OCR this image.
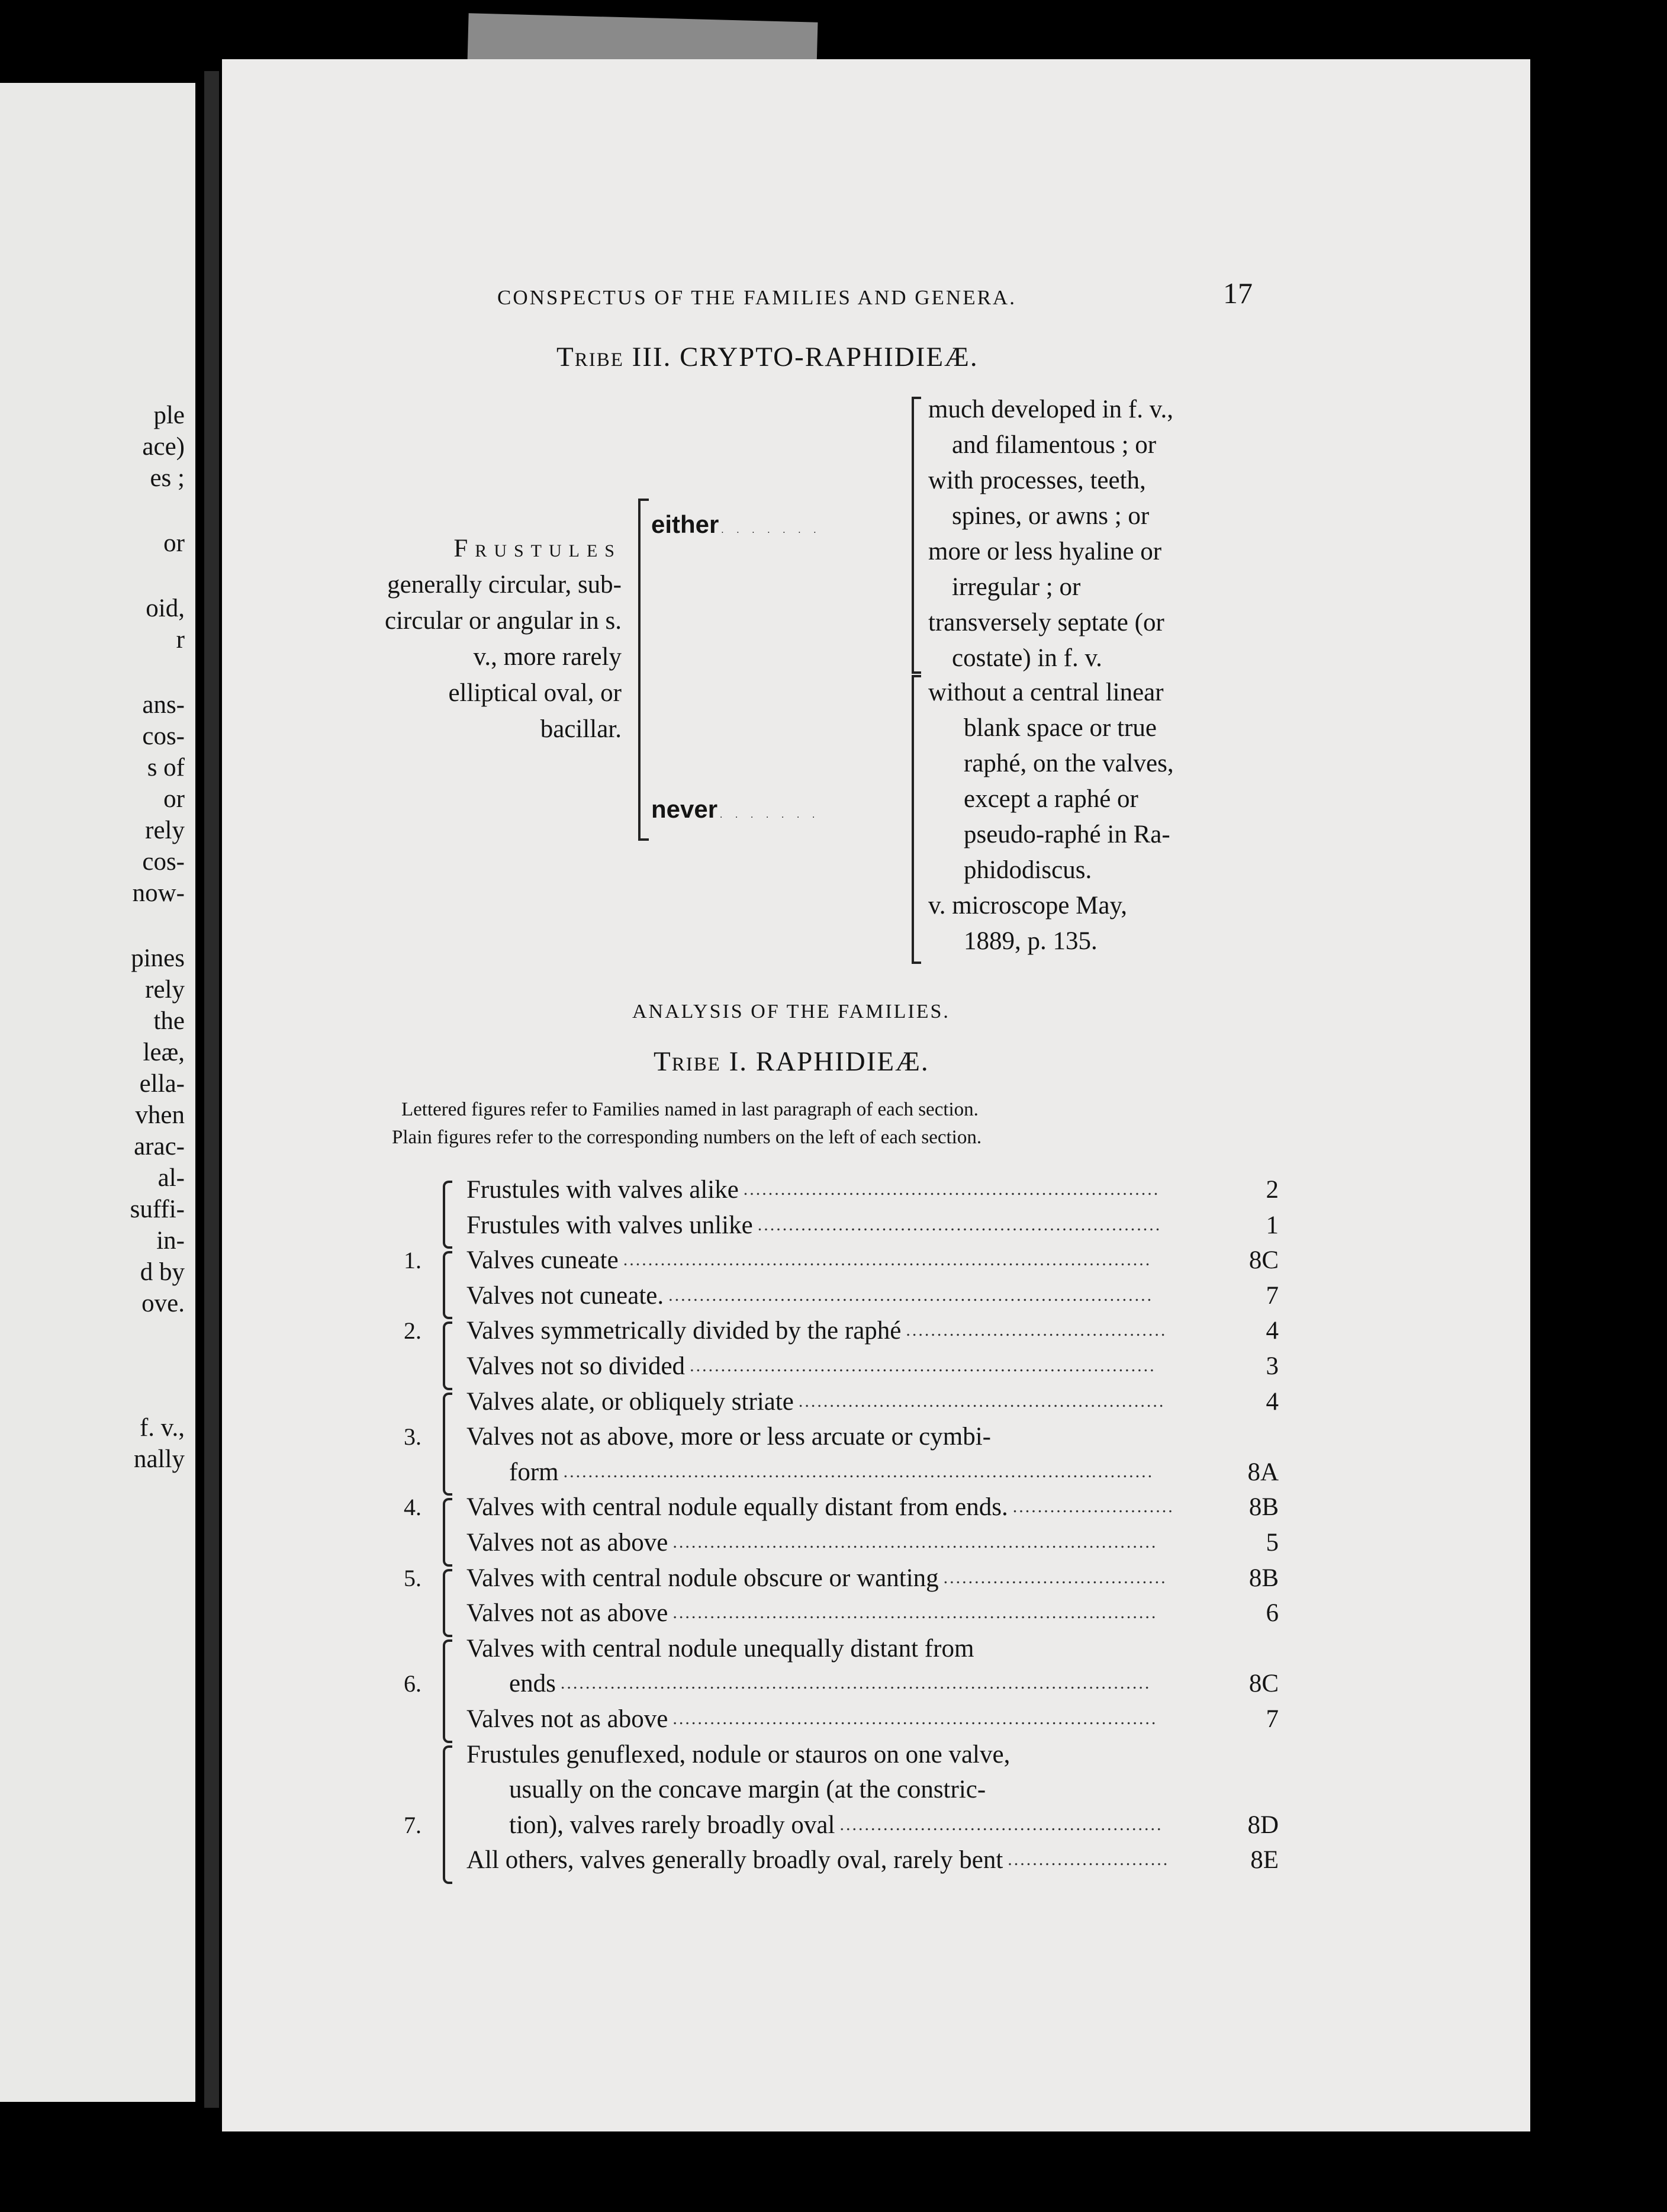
ple
ace)
es ;
or
oid,
r
ans-
cos-
s of
or
rely
cos-
now-
pines
rely
the
leæ,
ella-
vhen
arac-
al-
suffi-
in-
d by
ove.
f. v.,
nally
CONSPECTUS OF THE FAMILIES AND GENERA.	17
Tribe III. CRYPTO-RAPHIDIEÆ.
Frustules
generally circular, sub-circular or angular in s. v., more rarely elliptical oval, or bacillar.
either . . . . . . .
never . . . . . . .
much developed in f. v.,
and filamentous ; or
with processes, teeth,
spines, or awns ; or
more or less hyaline or
irregular ; or
transversely septate (or
costate) in f. v.
without a central linear
blank space or true
raphé, on the valves,
except a raphé or
pseudo-raphé in Ra-
phidodiscus.
v. microscope May,
1889, p. 135.
ANALYSIS OF THE FAMILIES.
Tribe I. RAPHIDIEÆ.
Lettered figures refer to Families named in last paragraph of each section.
Plain figures refer to the corresponding numbers on the left of each section.
Frustules with valves alike ...................................................................	2
Frustules with valves unlike .................................................................	1
1. Valves cuneate .....................................................................................	8C
Valves not cuneate. ..............................................................................	7
2. Valves symmetrically divided by the raphé ..........................................	4
Valves not so divided ...........................................................................	3
Valves alate, or obliquely striate ...........................................................	4
3. Valves not as above, more or less arcuate or cymbi-
form ...............................................................................................	8A
4. Valves with central nodule equally distant from ends. ..........................	8B
Valves not as above ..............................................................................	5
5. Valves with central nodule obscure or wanting ....................................	8B
Valves not as above ..............................................................................	6
Valves with central nodule unequally distant from
6.	ends ...............................................................................................	8C
Valves not as above ..............................................................................	7
Frustules genuflexed, nodule or stauros on one valve,
usually on the concave margin (at the constric-
7.	tion), valves rarely broadly oval ....................................................	8D
All others, valves generally broadly oval, rarely bent ..........................	8E
